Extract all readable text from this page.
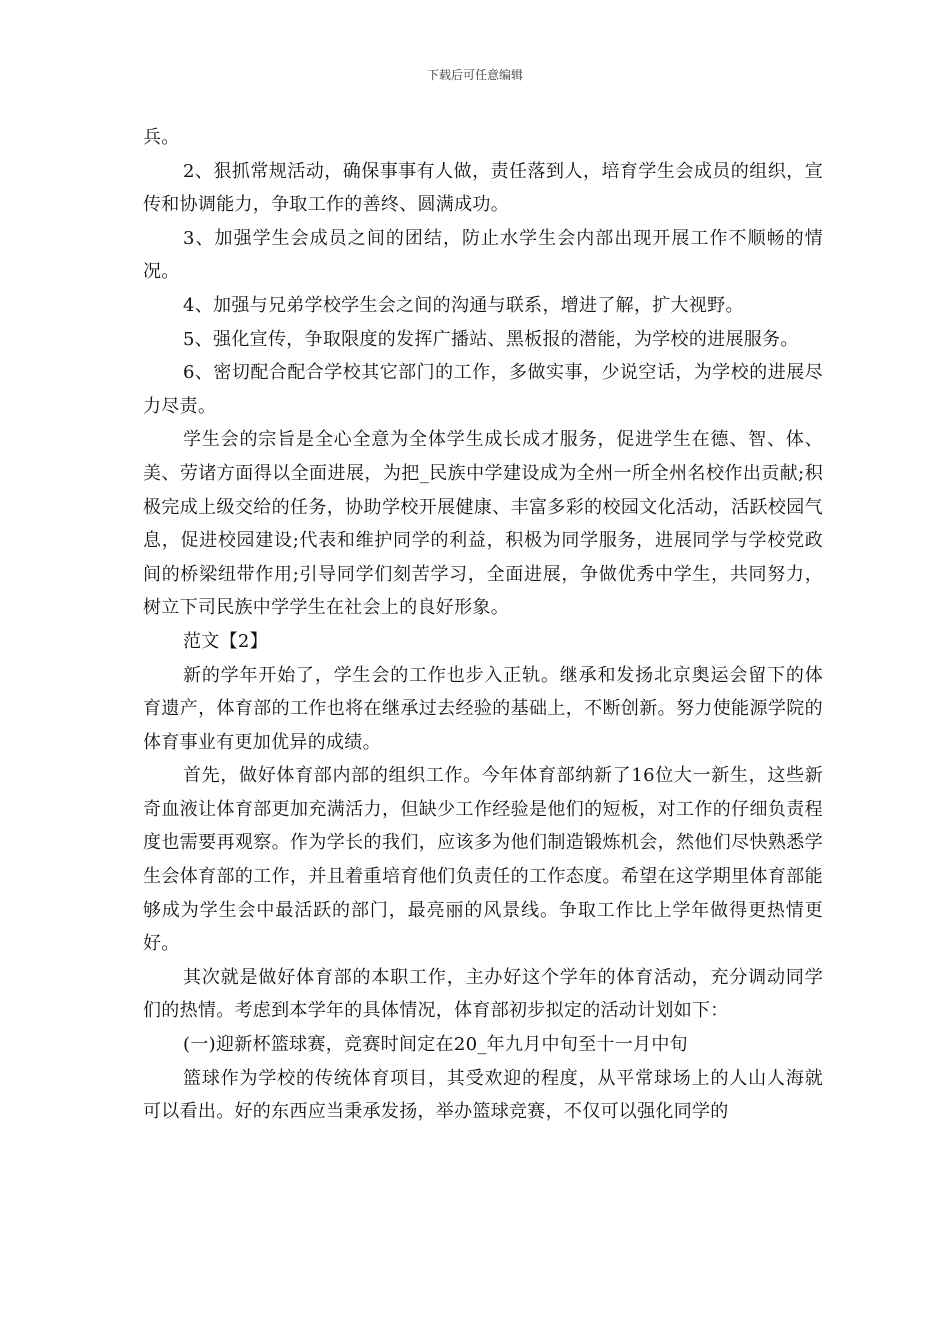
下载后可任意编辑

兵。

2、狠抓常规活动，确保事事有人做，责任落到人，培育学生会成员的组织，宣传和协调能力，争取工作的善终、圆满成功。

3、加强学生会成员之间的团结，防止水学生会内部出现开展工作不顺畅的情况。

4、加强与兄弟学校学生会之间的沟通与联系，增进了解，扩大视野。

5、强化宣传，争取限度的发挥广播站、黑板报的潜能，为学校的进展服务。

6、密切配合配合学校其它部门的工作，多做实事，少说空话，为学校的进展尽力尽责。

学生会的宗旨是全心全意为全体学生成长成才服务，促进学生在德、智、体、美、劳诸方面得以全面进展，为把_民族中学建设成为全州一所全州名校作出贡献;积极完成上级交给的任务，协助学校开展健康、丰富多彩的校园文化活动，活跃校园气息，促进校园建设;代表和维护同学的利益，积极为同学服务，进展同学与学校党政间的桥梁纽带作用;引导同学们刻苦学习，全面进展，争做优秀中学生，共同努力，树立下司民族中学学生在社会上的良好形象。

范文【2】

新的学年开始了，学生会的工作也步入正轨。继承和发扬北京奥运会留下的体育遗产，体育部的工作也将在继承过去经验的基础上，不断创新。努力使能源学院的体育事业有更加优异的成绩。

首先，做好体育部内部的组织工作。今年体育部纳新了16位大一新生，这些新奇血液让体育部更加充满活力，但缺少工作经验是他们的短板，对工作的仔细负责程度也需要再观察。作为学长的我们，应该多为他们制造锻炼机会，然他们尽快熟悉学生会体育部的工作，并且着重培育他们负责任的工作态度。希望在这学期里体育部能够成为学生会中最活跃的部门，最亮丽的风景线。争取工作比上学年做得更热情更好。

其次就是做好体育部的本职工作，主办好这个学年的体育活动，充分调动同学们的热情。考虑到本学年的具体情况，体育部初步拟定的活动计划如下：

(一)迎新杯篮球赛，竞赛时间定在20_年九月中旬至十一月中旬

篮球作为学校的传统体育项目，其受欢迎的程度，从平常球场上的人山人海就可以看出。好的东西应当秉承发扬，举办篮球竞赛，不仅可以强化同学的
